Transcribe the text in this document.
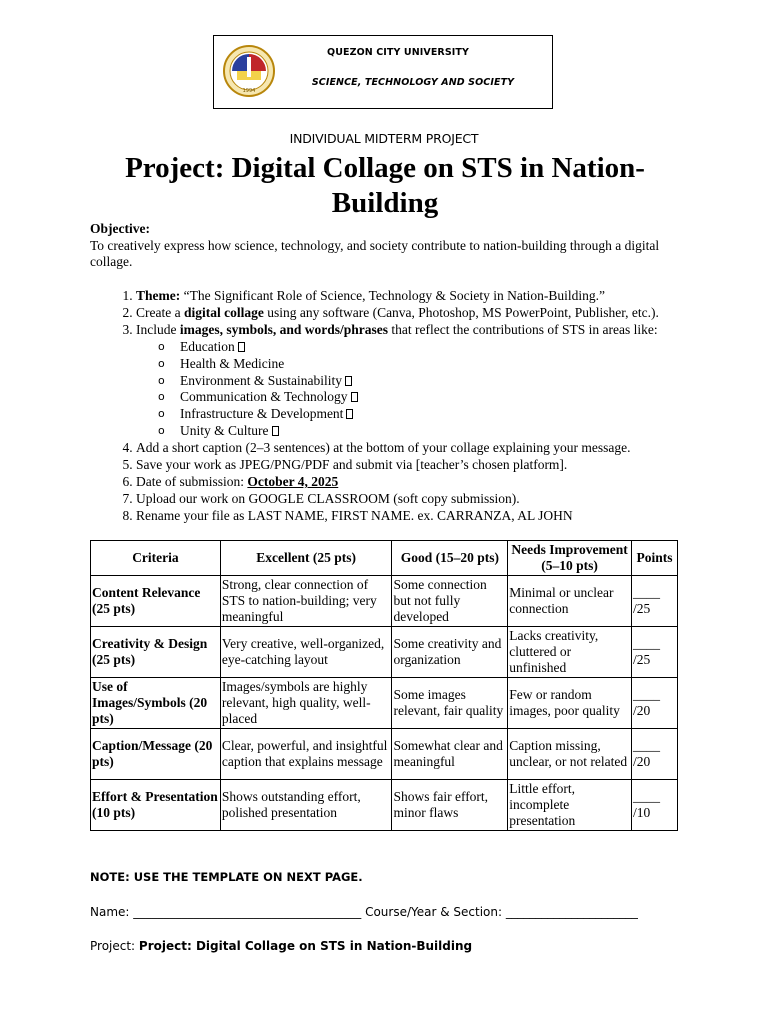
1994
QUEZON CITY UNIVERSITY
SCIENCE, TECHNOLOGY AND SOCIETY
INDIVIDUAL MIDTERM PROJECT
Project: Digital Collage on STS in Nation-Building
Objective:
To creatively express how science, technology, and society contribute to nation-building through a digital collage.
1. Theme: “The Significant Role of Science, Technology & Society in Nation-Building.”
2. Create a digital collage using any software (Canva, Photoshop, MS PowerPoint, Publisher, etc.).
3. Include images, symbols, and words/phrases that reflect the contributions of STS in areas like:
o Education
o Health & Medicine
o Environment & Sustainability
o Communication & Technology
o Infrastructure & Development
o Unity & Culture
4. Add a short caption (2–3 sentences) at the bottom of your collage explaining your message.
5. Save your work as JPEG/PNG/PDF and submit via [teacher’s chosen platform].
6. Date of submission: October 4, 2025
7. Upload our work on GOOGLE CLASSROOM (soft copy submission).
8. Rename your file as LAST NAME, FIRST NAME. ex. CARRANZA, AL JOHN
Criteria	Excellent (25 pts)	Good (15–20 pts)	Needs Improvement (5–10 pts)	Points
Content Relevance (25 pts)	Strong, clear connection of STS to nation-building; very meaningful	Some connection but not fully developed	Minimal or unclear connection	____
/25
Creativity & Design (25 pts)	Very creative, well-organized, eye-catching layout	Some creativity and organization	Lacks creativity, cluttered or unfinished	____
/25
Use of Images/Symbols (20 pts)	Images/symbols are highly relevant, high quality, well-placed	Some images relevant, fair quality	Few or random images, poor quality	____
/20
Caption/Message (20 pts)	Clear, powerful, and insightful caption that explains message	Somewhat clear and meaningful	Caption missing, unclear, or not related	____
/20
Effort & Presentation (10 pts)	Shows outstanding effort, polished presentation	Shows fair effort, minor flaws	Little effort, incomplete presentation	____
/10
NOTE: USE THE TEMPLATE ON NEXT PAGE.
Name: ______________________________________ Course/Year & Section: ______________________
Project: Project: Digital Collage on STS in Nation-Building
